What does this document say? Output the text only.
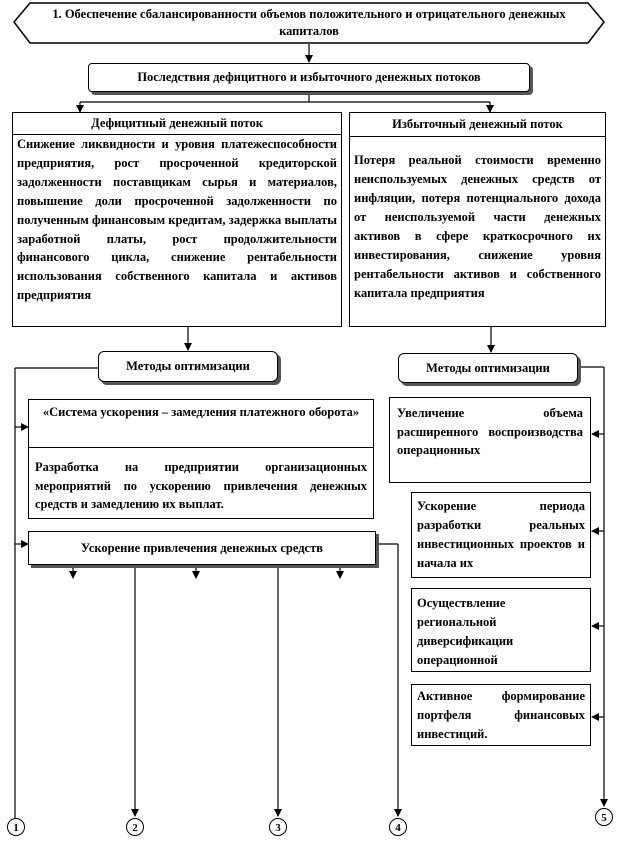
1. Обеспечение сбалансированности объемов положительного и отрицательного денежных капиталов
Последствия дефицитного и избыточного денежных потоков
Дефицитный денежный поток
Снижение ликвидности и уровня платежеспособности предприятия, рост просроченной кредиторской задолженности поставщикам сырья и материалов, повышение доли просроченной задолженности по полученным финансовым кредитам, задержка выплаты заработной платы, рост продолжительности финансового цикла, снижение рентабельности использования собственного капитала и активов предприятия
Избыточный денежный поток
Потеря реальной стоимости временно неиспользуемых денежных средств от инфляции, потеря потенциального дохода от неиспользуемой части денежных активов в сфере краткосрочного их инвестирования, снижение уровня рентабельности активов и собственного капитала предприятия
Методы оптимизации	Методы оптимизации
«Система ускорения – замедления платежного оборота»
Разработка на предприятии организационных мероприятий по ускорению привлечения денежных средств и замедлению их выплат.
Ускорение привлечения денежных средств
Увеличение объема расширенного воспроизводства операционных
Ускорение периода разработки реальных инвестиционных проектов и начала их
Осуществление региональной диверсификации операционной
Активное формирование портфеля финансовых инвестиций.
1	2	3	4
5
